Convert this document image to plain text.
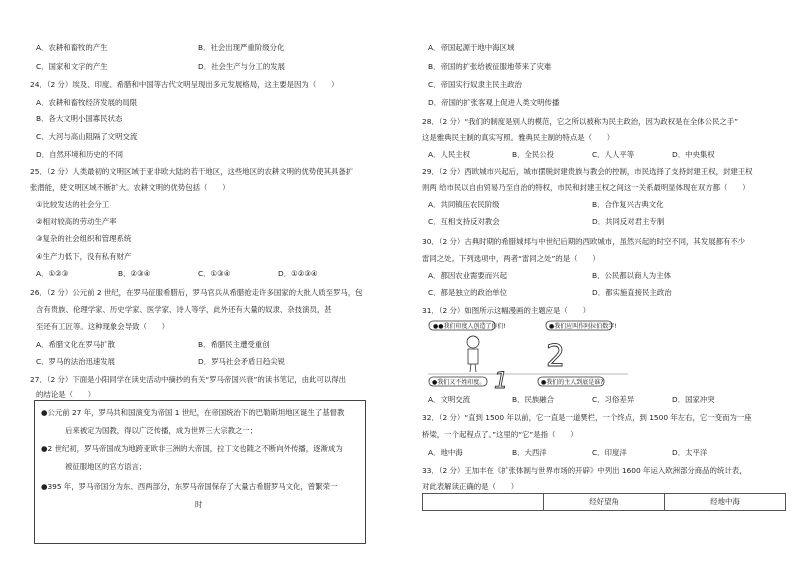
A．农耕和畜牧的产生	B．社会出现严重阶级分化
C．国家和文字的产生	D．社会生产与分工的发展
24．（2 分）埃及、印度、希腊和中国等古代文明呈现出多元发展格局，这主要是因为（　　）
A．农耕和畜牧经济发展的局限
B．各大文明小国寡民状态
C．大河与高山阻隔了文明交流
D．自然环境和历史的不同
25．（2 分）人类最初的文明区域于亚非欧大陆的若干地区，这些地区的农耕文明的优势使其具备扩
张潜能，使文明区域不断扩大。农耕文明的优势包括（　　）
①比较发达的社会分工
②相对较高的劳动生产率
③复杂的社会组织和管理系统
④生产力低下，没有私有财产
A．①②③	B．②③④	C．①③④	D．①②③④
26．（2 分）公元前 2 世纪，在罗马征服希腊后，罗马官兵从希腊抢走许多国家的大批人质至罗马，包
含有贵族、伦理学家、历史学家、医学家、诗人等学，此外还有大量的奴隶、杂技演员，甚
至还有工匠等。这种现象会导致（　　）
A．希腊文化在罗马扩散	B．希腊民主遭受重创
C．罗马的法治迅速发展	D．罗马社会矛盾日趋尖锐
27．（2 分）下面是小阳同学在读史活动中摘抄的有关“罗马帝国兴衰”的读书笔记，由此可以得出
的结论是（　　）
●公元前 27 年，罗马共和国演变为帝国 1 世纪，在帝国统治下的巴勒斯坦地区诞生了基督教
后来被定为国教，得以广泛传播，成为世界三大宗教之一；
●2 世纪初，罗马帝国成为地跨亚欧非三洲的大帝国，拉丁文也随之不断向外传播，逐渐成为
被征服地区的官方语言；
●395 年，罗马帝国分为东、西两部分，东罗马帝国保存了大量古希腊罗马文化，曾繁荣一
时
A．帝国起源于地中海区域
B．帝国的扩张给被征服地带来了灾难
C．帝国实行奴隶主民主政治
D．帝国的扩张客观上促进人类文明传播
28．（2 分）“我们的制度是别人的模范，它之所以被称为民主政治，因为政权是在全体公民之手”
这是雅典民主制的真实写照。雅典民主制的特点是（　　）
A．人民主权	B．全民公投	C．人人平等	D．中央集权
29．（2 分）西欧城市兴起后，城市摆脱封建贵族与教会的控制，市民选择了支持封建王权，封建王权
则两 给市民以自由贸易乃至自治的特权，市民和封建王权之间这一关系最明显体现在双方都（　　）
A．共同镇压农民阶级	B．合作复兴古典文化
C．互相支持反对教会	D．共同反对君主专制
30．（2 分）古典时期的希腊城邦与中世纪后期的西欧城市，虽然兴起的时空不同，其发展都有不少
雷同之处。下列选项中，两者“雷同之处”的是（　　）
A．都因农业需要而兴起	B．公民都以商人为主体
C．都是独立的政治单位	D．都实施直接民主政治
31．（2 分）如图所示这幅漫画的主题应是（　　）
●●我们印度人创造了你们!	●我们应叫作阿拉伯数字!
2
●我们又不姓印度。 1	●我们的主人到底是谁?
A．文明交流	B．民族融合	C．习俗差异	D．国家冲突
32．（2 分）“直到 1500 年以前，它一直是一道樊栏，一个终点，到 1500 年左右，它一变而为一座
桥梁，一个起程点了。”这里的“它”是指（　　）
A．地中海	B．大西洋	C．印度洋	D．太平洋
33．（2 分）王加丰在《扩张体制与世界市场的开辟》中列出 1600 年运入欧洲部分商品的统计表，
对此表解读正确的是（　　）
经好望角	经地中海
